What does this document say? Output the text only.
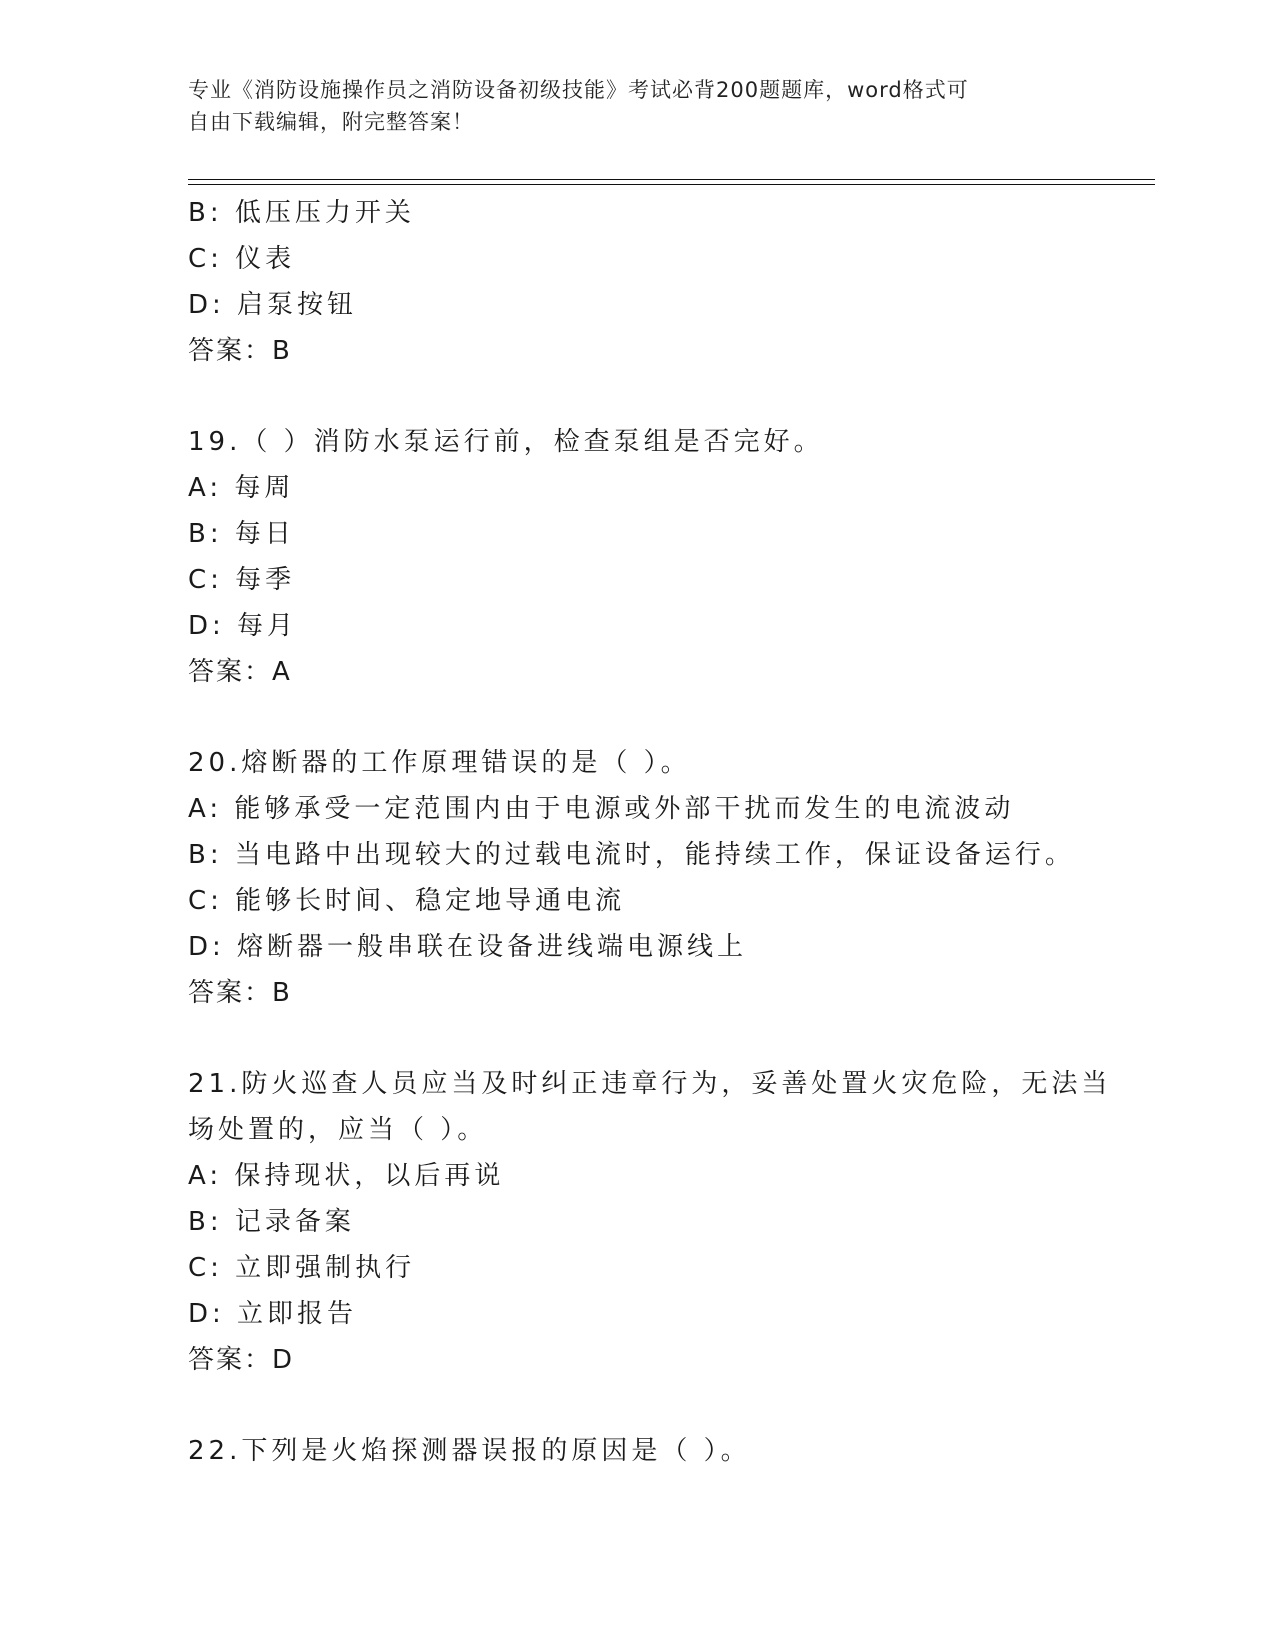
专业《消防设施操作员之消防设备初级技能》考试必背200题题库，word格式可
自由下载编辑，附完整答案！
B: 低压压力开关
C: 仪表
D: 启泵按钮
答案：B
19.（ ）消防水泵运行前，检查泵组是否完好。
A: 每周
B: 每日
C: 每季
D: 每月
答案：A
20.熔断器的工作原理错误的是（ ）。
A: 能够承受一定范围内由于电源或外部干扰而发生的电流波动
B: 当电路中出现较大的过载电流时，能持续工作，保证设备运行。
C: 能够长时间、稳定地导通电流
D: 熔断器一般串联在设备进线端电源线上
答案：B
21.防火巡查人员应当及时纠正违章行为，妥善处置火灾危险，无法当
场处置的，应当（ ）。
A: 保持现状，以后再说
B: 记录备案
C: 立即强制执行
D: 立即报告
答案：D
22.下列是火焰探测器误报的原因是（ ）。
